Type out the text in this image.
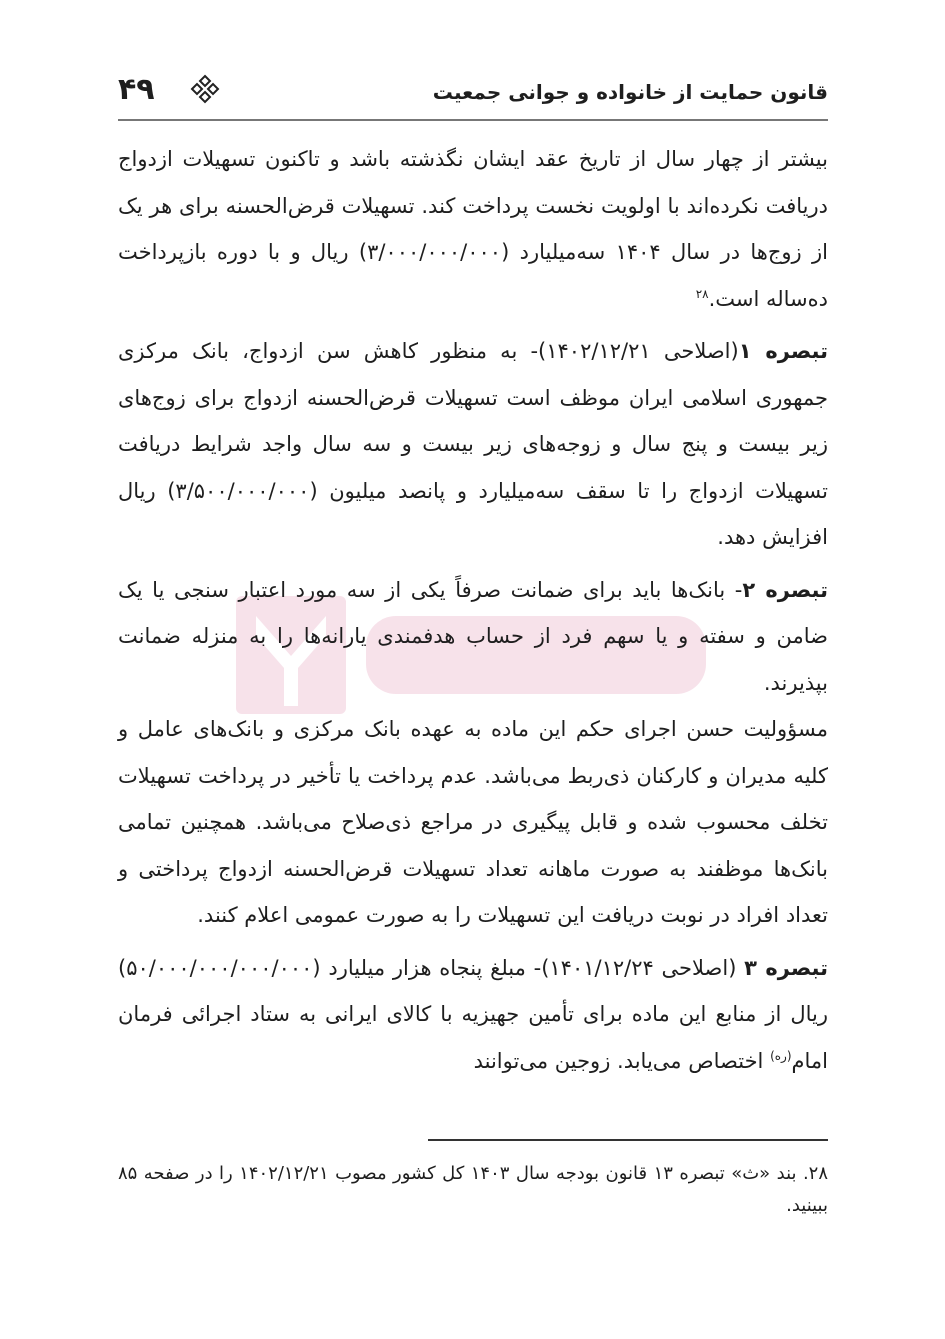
۴۹	قانون حمایت از خانواده و جوانی جمعیت

بیشتر از چهار سال از تاریخ عقد ایشان نگذشته باشد و تاکنون تسهیلات ازدواج دریافت نکرده‌اند با اولویت نخست پرداخت کند. تسهیلات قرض‌الحسنه برای هر یک از زوج‌ها در سال ۱۴۰۴ سه‌میلیارد (۳/۰۰۰/۰۰۰/۰۰۰) ریال و با دوره بازپرداخت ده‌ساله است.$^{۲۸}$

تبصره ۱(اصلاحی ۱۴۰۲/۱۲/۲۱)- به منظور کاهش سن ازدواج، بانک مرکزی جمهوری اسلامی ایران موظف است تسهیلات قرض‌الحسنه ازدواج برای زوج‌های زیر بیست و پنج سال و زوجه‌های زیر بیست و سه سال واجد شرایط دریافت تسهیلات ازدواج را تا سقف سه‌میلیارد و پانصد میلیون (۳/۵۰۰/۰۰۰/۰۰۰) ریال افزایش دهد.

تبصره ۲- بانک‌ها باید برای ضمانت صرفاً یکی از سه مورد اعتبار سنجی یا یک ضامن و سفته و یا سهم فرد از حساب هدفمندی یارانه‌ها را به منزله ضمانت بپذیرند.

مسؤولیت حسن اجرای حکم این ماده به عهده بانک مرکزی و بانک‌های عامل و کلیه مدیران و کارکنان ذی‌ربط می‌باشد. عدم پرداخت یا تأخیر در پرداخت تسهیلات تخلف محسوب شده و قابل پیگیری در مراجع ذی‌صلاح می‌باشد. همچنین تمامی بانک‌ها موظفند به صورت ماهانه تعداد تسهیلات قرض‌الحسنه ازدواج پرداختی و تعداد افراد در نوبت دریافت این تسهیلات را به صورت عمومی اعلام کنند.

تبصره ۳ (اصلاحی ۱۴۰۱/۱۲/۲۴)- مبلغ پنجاه هزار میلیارد (۵۰/۰۰۰/۰۰۰/۰۰۰/۰۰۰) ریال از منابع این ماده برای تأمین جهیزیه با کالای ایرانی به ستاد اجرائی فرمان امام$^{(ره)}$ اختصاص می‌یابد. زوجین می‌توانند

۲۸. بند «ث» تبصره ۱۳ قانون بودجه سال ۱۴۰۳ کل کشور مصوب ۱۴۰۲/۱۲/۲۱ را در صفحه ۸۵ ببینید.
